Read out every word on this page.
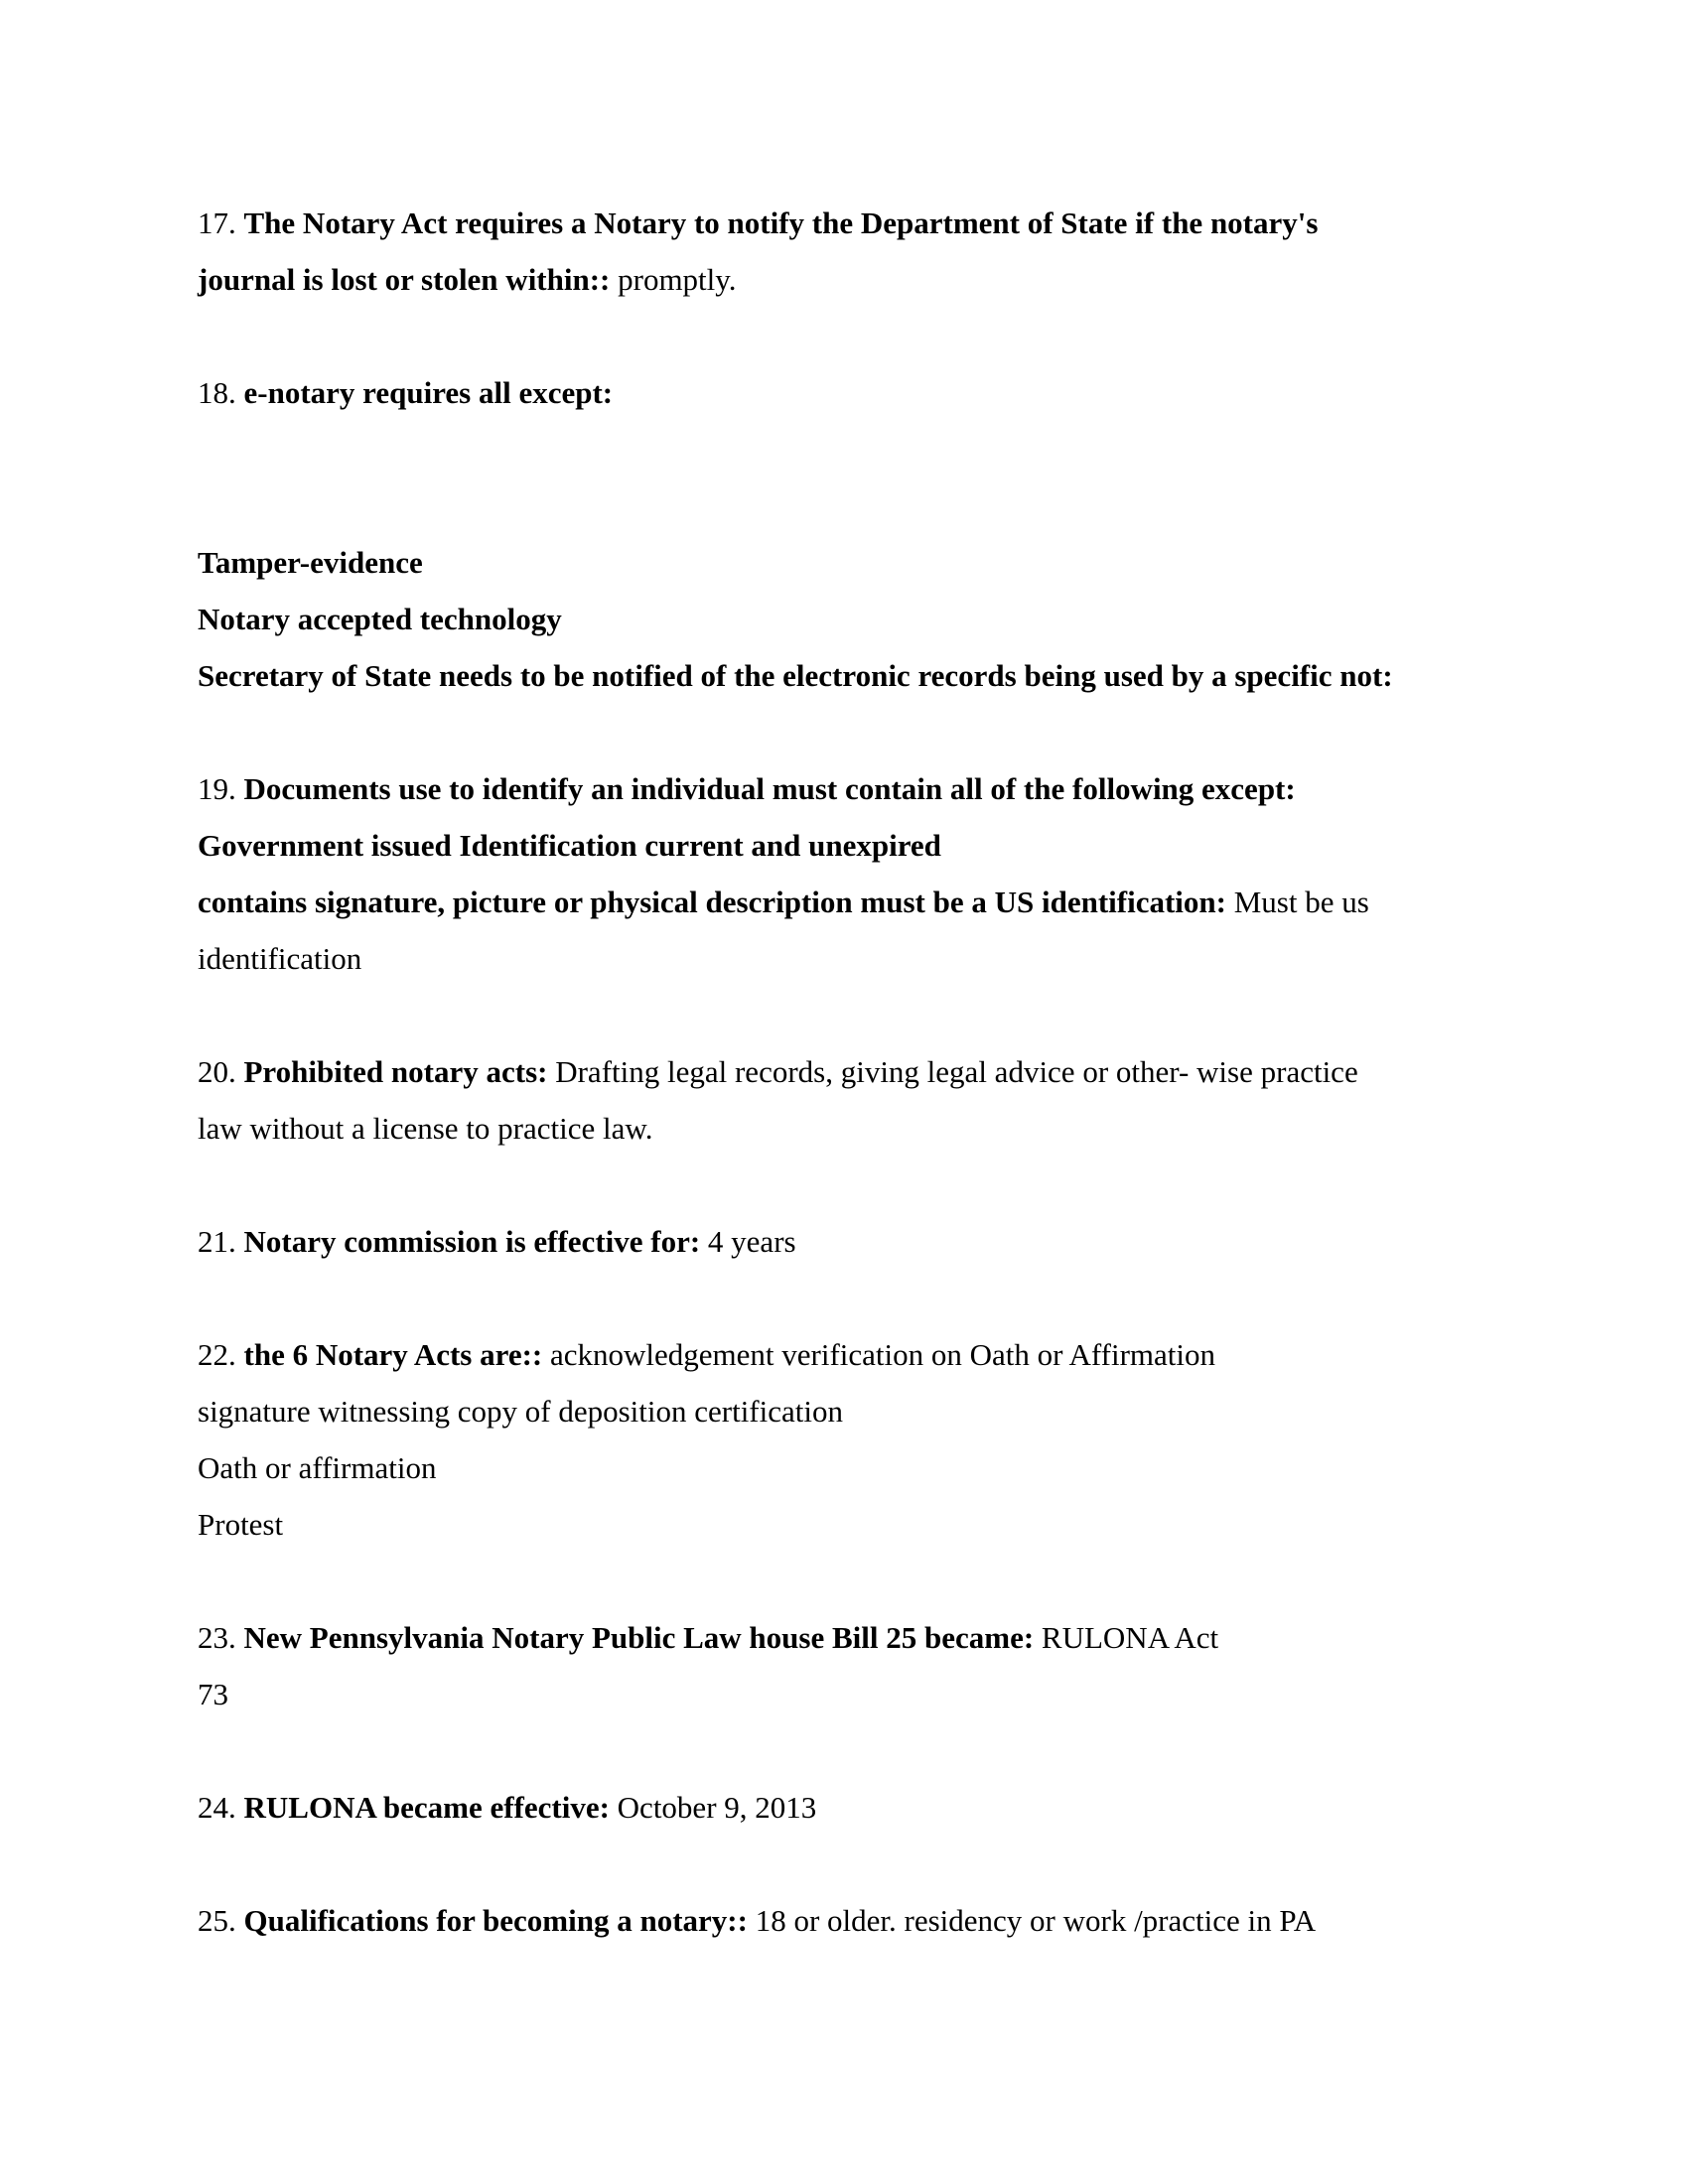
17. The Notary Act requires a Notary to notify the Department of State if the notary's
journal is lost or stolen within:: promptly.
18. e-notary requires all except:
Tamper-evidence
Notary accepted technology
Secretary of State needs to be notified of the electronic records being used by a specific not:
19. Documents use to identify an individual must contain all of the following except:
Government issued Identification current and unexpired
contains signature, picture or physical description must be a US identification: Must be us
identification
20. Prohibited notary acts: Drafting legal records, giving legal advice or other- wise practice
law without a license to practice law.
21. Notary commission is effective for: 4 years
22. the 6 Notary Acts are:: acknowledgement verification on Oath or Affirmation
signature witnessing copy of deposition certification
Oath or affirmation
Protest
23. New Pennsylvania Notary Public Law house Bill 25 became: RULONA Act
73
24. RULONA became effective: October 9, 2013
25. Qualifications for becoming a notary:: 18 or older. residency or work /practice in PA
